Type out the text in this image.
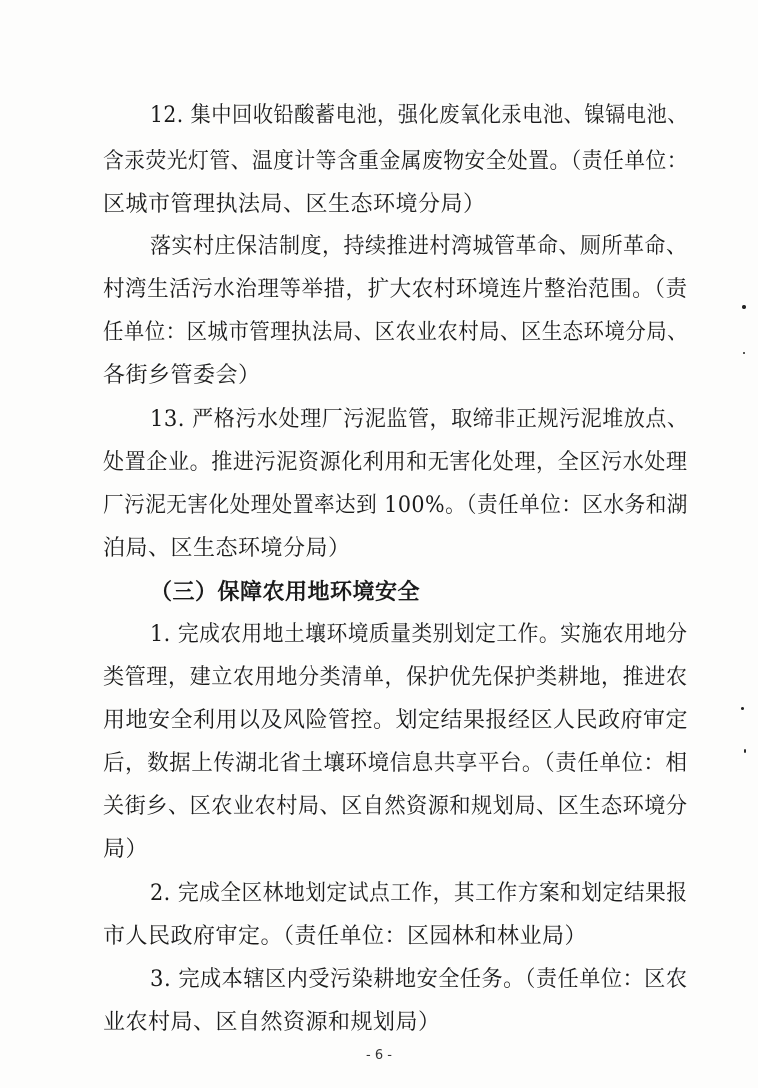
12. 集中回收铅酸蓄电池，强化废氧化汞电池、镍镉电池、
含汞荧光灯管、温度计等含重金属废物安全处置。（责任单位：
区城市管理执法局、区生态环境分局）
落实村庄保洁制度，持续推进村湾城管革命、厕所革命、
村湾生活污水治理等举措，扩大农村环境连片整治范围。（责
任单位：区城市管理执法局、区农业农村局、区生态环境分局、
各街乡管委会）
13. 严格污水处理厂污泥监管，取缔非正规污泥堆放点、
处置企业。推进污泥资源化利用和无害化处理，全区污水处理
厂污泥无害化处理处置率达到 100%。（责任单位：区水务和湖
泊局、区生态环境分局）
（三）保障农用地环境安全
1. 完成农用地土壤环境质量类别划定工作。实施农用地分
类管理，建立农用地分类清单，保护优先保护类耕地，推进农
用地安全利用以及风险管控。划定结果报经区人民政府审定
后，数据上传湖北省土壤环境信息共享平台。（责任单位：相
关街乡、区农业农村局、区自然资源和规划局、区生态环境分
局）
2. 完成全区林地划定试点工作，其工作方案和划定结果报
市人民政府审定。（责任单位：区园林和林业局）
3. 完成本辖区内受污染耕地安全任务。（责任单位：区农
业农村局、区自然资源和规划局）
- 6 -
